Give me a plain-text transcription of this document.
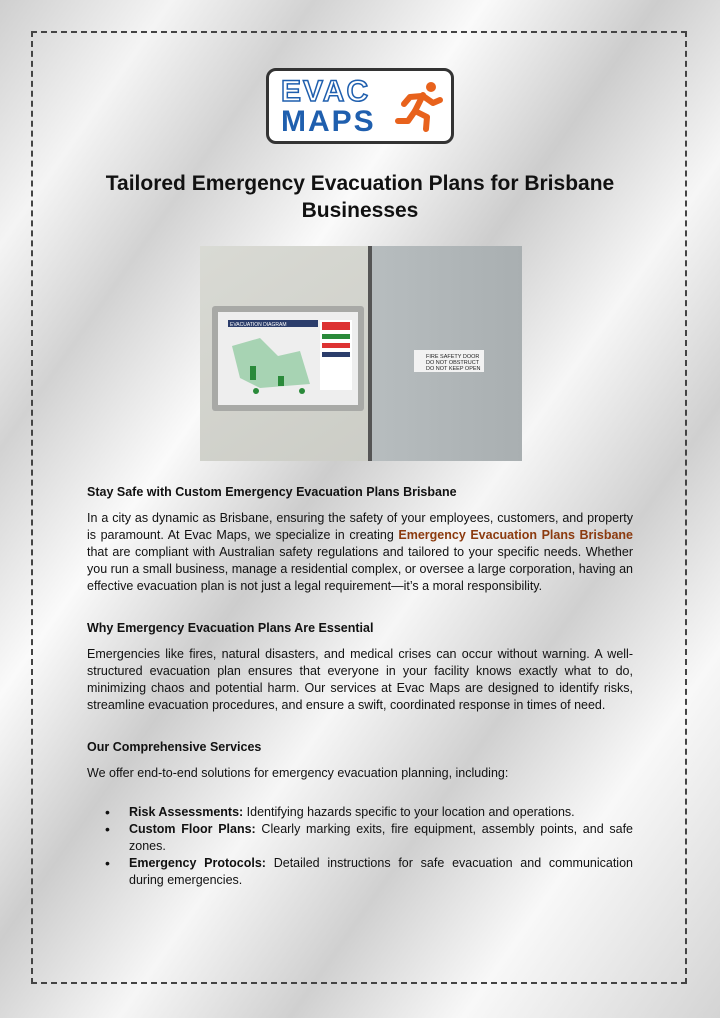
EVAC
MAPS
Tailored Emergency Evacuation Plans for Brisbane Businesses
FIRE SAFETY DOOR
DO NOT OBSTRUCT
DO NOT KEEP OPEN
EVACUATION DIAGRAM
Stay Safe with Custom Emergency Evacuation Plans Brisbane

In a city as dynamic as Brisbane, ensuring the safety of your employees, customers, and property is paramount. At Evac Maps, we specialize in creating Emergency Evacuation Plans Brisbane that are compliant with Australian safety regulations and tailored to your specific needs. Whether you run a small business, manage a residential complex, or oversee a large corporation, having an effective evacuation plan is not just a legal requirement—it’s a moral responsibility.

Why Emergency Evacuation Plans Are Essential

Emergencies like fires, natural disasters, and medical crises can occur without warning. A well-structured evacuation plan ensures that everyone in your facility knows exactly what to do, minimizing chaos and potential harm. Our services at Evac Maps are designed to identify risks, streamline evacuation procedures, and ensure a swift, coordinated response in times of need.

Our Comprehensive Services

We offer end-to-end solutions for emergency evacuation planning, including:

• Risk Assessments: Identifying hazards specific to your location and operations.
• Custom Floor Plans: Clearly marking exits, fire equipment, assembly points, and safe zones.
• Emergency Protocols: Detailed instructions for safe evacuation and communication during emergencies.
